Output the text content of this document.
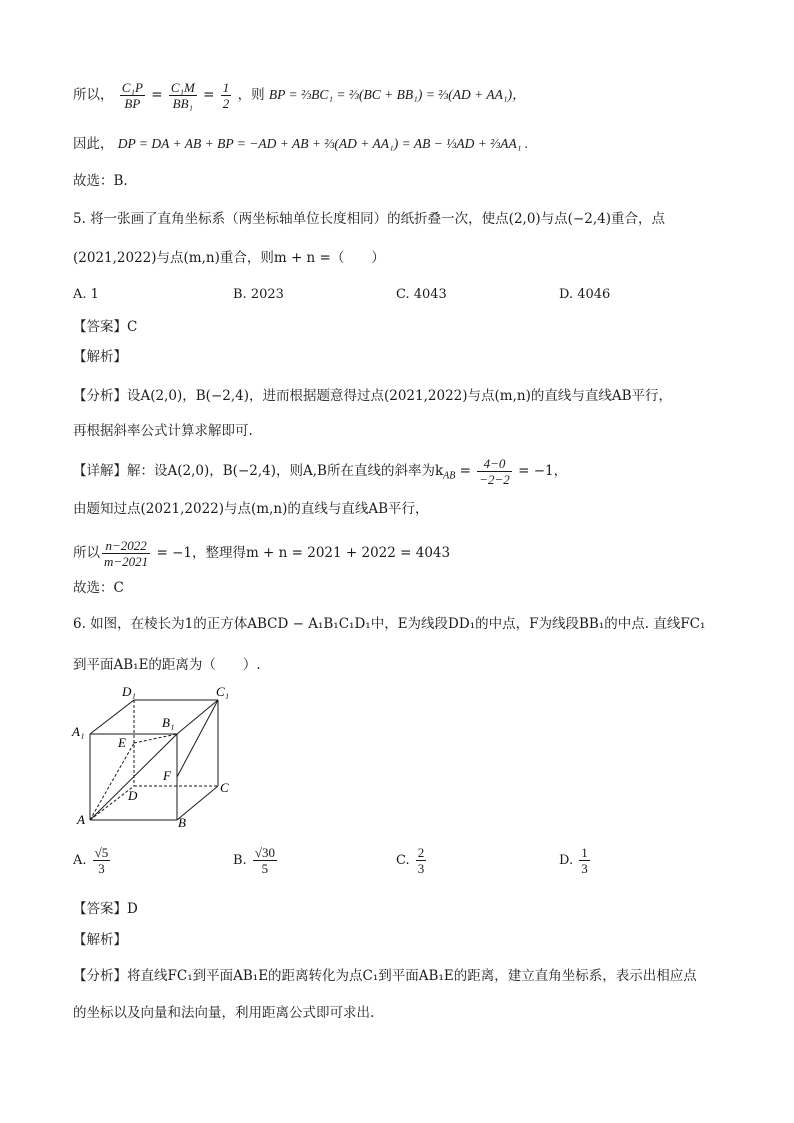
所以， $\frac{\text{C₁P}}{BP} = \frac{\text{C₁M}}{\text{BB₁}} = \frac{1}{2}$ ，则 BP = ⅔BC₁ = ⅔(BC + BB₁) = ⅔(AD + AA₁)，
因此， DP = DA + AB + BP = −AD + AB + ⅔(AD + AA₁) = AB − ⅓AD + ⅔AA₁ .
故选：B.
5. 将一张画了直角坐标系（两坐标轴单位长度相同）的纸折叠一次，使点(2,0)与点(−2,4)重合，点
(2021,2022)与点(m,n)重合，则m + n =（　　）
A. 1	B. 2023	C. 4043	D. 4046
【答案】C
【解析】
【分析】设A(2,0)，B(−2,4)，进而根据题意得过点(2021,2022)与点(m,n)的直线与直线AB平行，
再根据斜率公式计算求解即可.
【详解】解：设A(2,0)，B(−2,4)，则A,B所在直线的斜率为$k_{AB} = \frac{4-0}{-2-2} = -1$，
由题知过点(2021,2022)与点(m,n)的直线与直线AB平行，
所以 $\frac{n-2022}{m-2021} = -1$，整理得m + n = 2021 + 2022 = 4043
故选：C
6. 如图，在棱长为1的正方体ABCD − A₁B₁C₁D₁中，E为线段DD₁的中点，F为线段BB₁的中点. 直线FC₁
到平面AB₁E的距离为（　　）.
D₁	C₁
B₁
A₁
E
F
D
C
A	B
A. $\frac{√5}{3}$	B. $\frac{√30}{5}$	C. $\frac{2}{3}$	D. $\frac{1}{3}$
【答案】D
【解析】
【分析】将直线FC₁到平面AB₁E的距离转化为点C₁到平面AB₁E的距离，建立直角坐标系，表示出相应点
的坐标以及向量和法向量，利用距离公式即可求出.
